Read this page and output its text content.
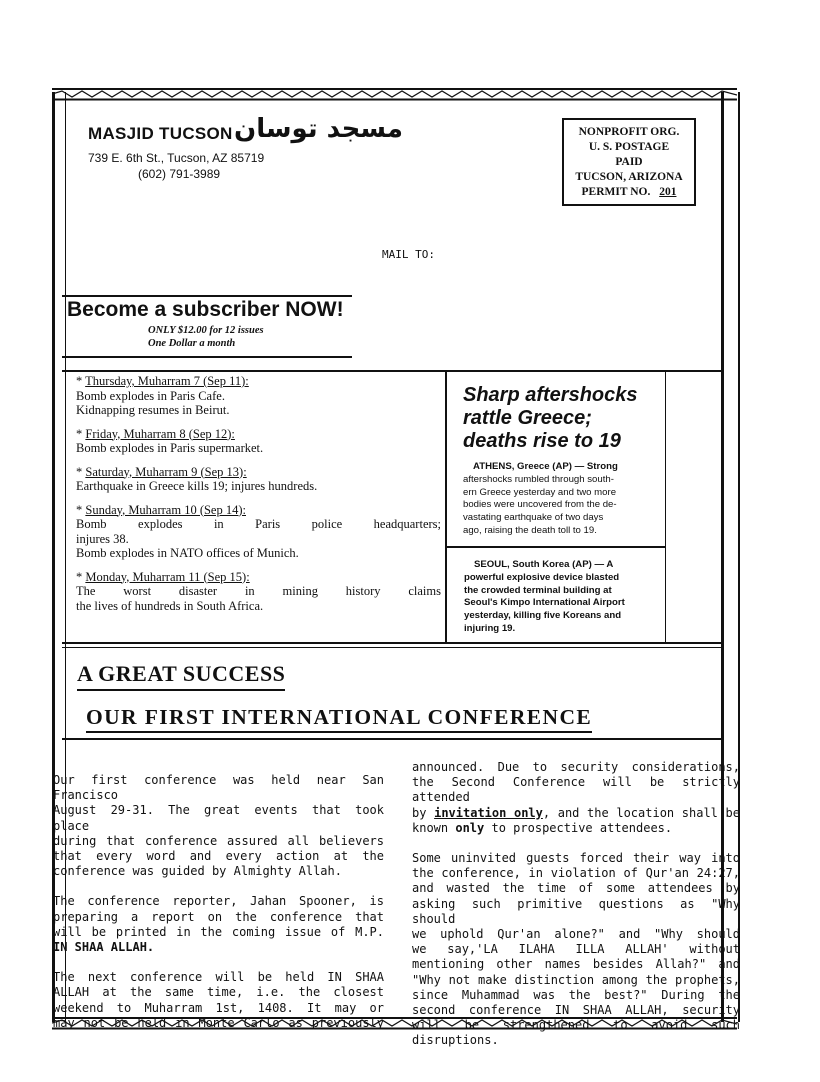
MASJID TUCSON مسجد توسان
739 E. 6th St., Tucson, AZ 85719
(602) 791-3989
NONPROFIT ORG.
U. S. POSTAGE
PAID
TUCSON, ARIZONA
PERMIT NO. 201
MAIL TO:
Become a subscriber NOW!
ONLY $12.00 for 12 issues
One Dollar a month
* Thursday, Muharram 7 (Sep 11):
Bomb explodes in Paris Cafe.
Kidnapping resumes in Beirut.
* Friday, Muharram 8 (Sep 12):
Bomb explodes in Paris supermarket.
* Saturday, Muharram 9 (Sep 13):
Earthquake in Greece kills 19; injures hundreds.
* Sunday, Muharram 10 (Sep 14):
Bomb explodes in Paris police headquarters;
injures 38.
Bomb explodes in NATO offices of Munich.
* Monday, Muharram 11 (Sep 15):
The worst disaster in mining history claims
the lives of hundreds in South Africa.
Sharp aftershocks
rattle Greece;
deaths rise to 19
ATHENS, Greece (AP) — Strong
aftershocks rumbled through south-
ern Greece yesterday and two more
bodies were uncovered from the de-
vastating earthquake of two days
ago, raising the death toll to 19.
SEOUL, South Korea (AP) — A
powerful explosive device blasted
the crowded terminal building at
Seoul's Kimpo International Airport
yesterday, killing five Koreans and
injuring 19.
A GREAT SUCCESS
OUR FIRST INTERNATIONAL CONFERENCE
Our first conference was held near San Francisco
August 29-31. The great events that took place
during that conference assured all believers
that every word and every action at the
conference was guided by Almighty Allah.
The conference reporter, Jahan Spooner, is
preparing a report on the conference that
will be printed in the coming issue of M.P.
IN SHAA ALLAH.
The next conference will be held IN SHAA
ALLAH at the same time, i.e. the closest
weekend to Muharram 1st, 1408. It may or
may not be held in Monte Carlo as previously
announced. Due to security considerations,
the Second Conference will be strictly attended
by invitation only, and the location shall be
known only to prospective attendees.
Some uninvited guests forced their way into
the conference, in violation of Qur'an 24:27,
and wasted the time of some attendees by
asking such primitive questions as "Why should
we uphold Qur'an alone?" and "Why should
we say,'LA ILAHA ILLA ALLAH' without
mentioning other names besides Allah?" and
"Why not make distinction among the prophets,
since Muhammad was the best?" During the
second conference IN SHAA ALLAH, security
will be strengthened to avoid such disruptions.
